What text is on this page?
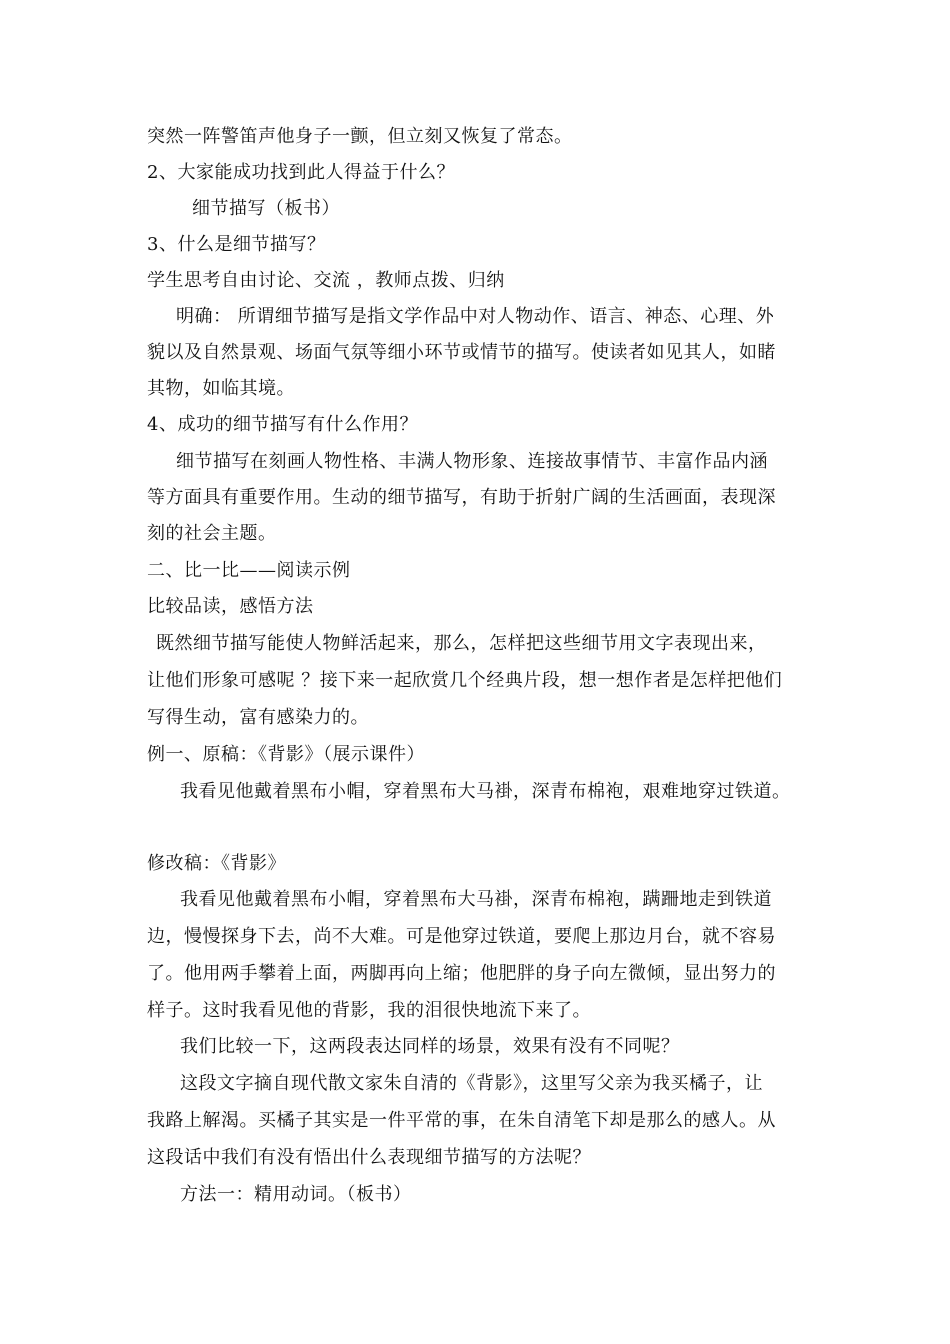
突然一阵警笛声他身子一颤，但立刻又恢复了常态。
2、大家能成功找到此人得益于什么？
细节描写（板书）
3、什么是细节描写？
学生思考自由讨论、交流 ，教师点拨、归纳
明确： 所谓细节描写是指文学作品中对人物动作、语言、神态、心理、外
貌以及自然景观、场面气氛等细小环节或情节的描写。使读者如见其人，如睹
其物，如临其境。
4、成功的细节描写有什么作用？
细节描写在刻画人物性格、丰满人物形象、连接故事情节、丰富作品内涵
等方面具有重要作用。生动的细节描写，有助于折射广阔的生活画面，表现深
刻的社会主题。
二、比一比——阅读示例
比较品读，感悟方法
既然细节描写能使人物鲜活起来，那么，怎样把这些细节用文字表现出来，
让他们形象可感呢 ？接下来一起欣赏几个经典片段，想一想作者是怎样把他们
写得生动，富有感染力的。
例一、原稿：《背影》（展示课件）
我看见他戴着黑布小帽，穿着黑布大马褂，深青布棉袍，艰难地穿过铁道。
修改稿：《背影》
我看见他戴着黑布小帽，穿着黑布大马褂，深青布棉袍，蹒跚地走到铁道
边，慢慢探身下去，尚不大难。可是他穿过铁道，要爬上那边月台，就不容易
了。他用两手攀着上面，两脚再向上缩；他肥胖的身子向左微倾，显出努力的
样子。这时我看见他的背影，我的泪很快地流下来了。
我们比较一下，这两段表达同样的场景，效果有没有不同呢？
这段文字摘自现代散文家朱自清的《背影》，这里写父亲为我买橘子，让
我路上解渴。买橘子其实是一件平常的事，在朱自清笔下却是那么的感人。从
这段话中我们有没有悟出什么表现细节描写的方法呢？
方法一：精用动词。（板书）
